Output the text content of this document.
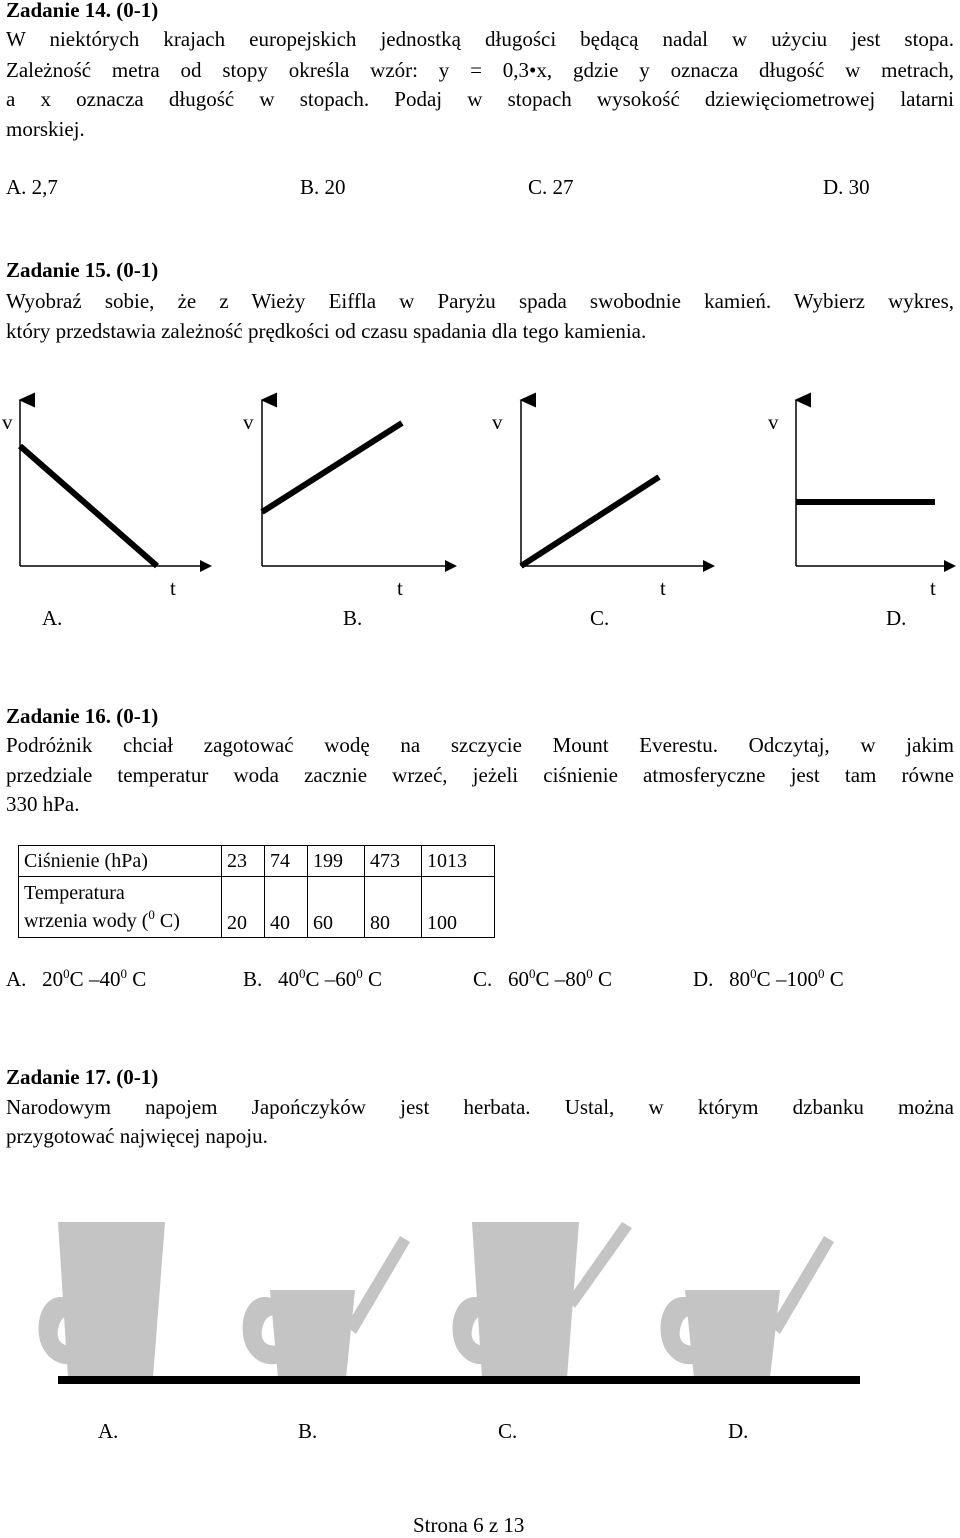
Zadanie 14. (0-1)
W niektórych krajach europejskich jednostką długości będącą nadal w użyciu jest stopa.
Zależność metra od stopy określa wzór: y = 0,3•x, gdzie y oznacza długość w metrach,
a x oznacza długość w stopach. Podaj w stopach wysokość dziewięciometrowej latarni
morskiej.
A. 2,7	B. 20	C. 27	D. 30
Zadanie 15. (0-1)
Wyobraź sobie, że z Wieży Eiffla w Paryżu spada swobodnie kamień. Wybierz wykres,
który przedstawia zależność prędkości od czasu spadania dla tego kamienia.
v	v	v	v
t	t	t	t
A.	B.	C.	D.
Zadanie 16. (0-1)
Podróżnik chciał zagotować wodę na szczycie Mount Everestu. Odczytaj, w jakim
przedziale temperatur woda zacznie wrzeć, jeżeli ciśnienie atmosferyczne jest tam równe
330 hPa.
Ciśnienie (hPa)	23	74	199	473	1013
Temperatura
wrzenia wody ($^0$ C)	20	40	60	80	100
A. $20^0C$ $-40^0$ C	B. $40^0C$ $-60^0$ C	C. $60^0C$ $-80^0$ C	D. $80^0C$ $-100^0$ C
Zadanie 17. (0-1)
Narodowym napojem Japończyków jest herbata. Ustal, w którym dzbanku można
przygotować najwięcej napoju.
A.	B.	C.	D.
Strona 6 z 13
